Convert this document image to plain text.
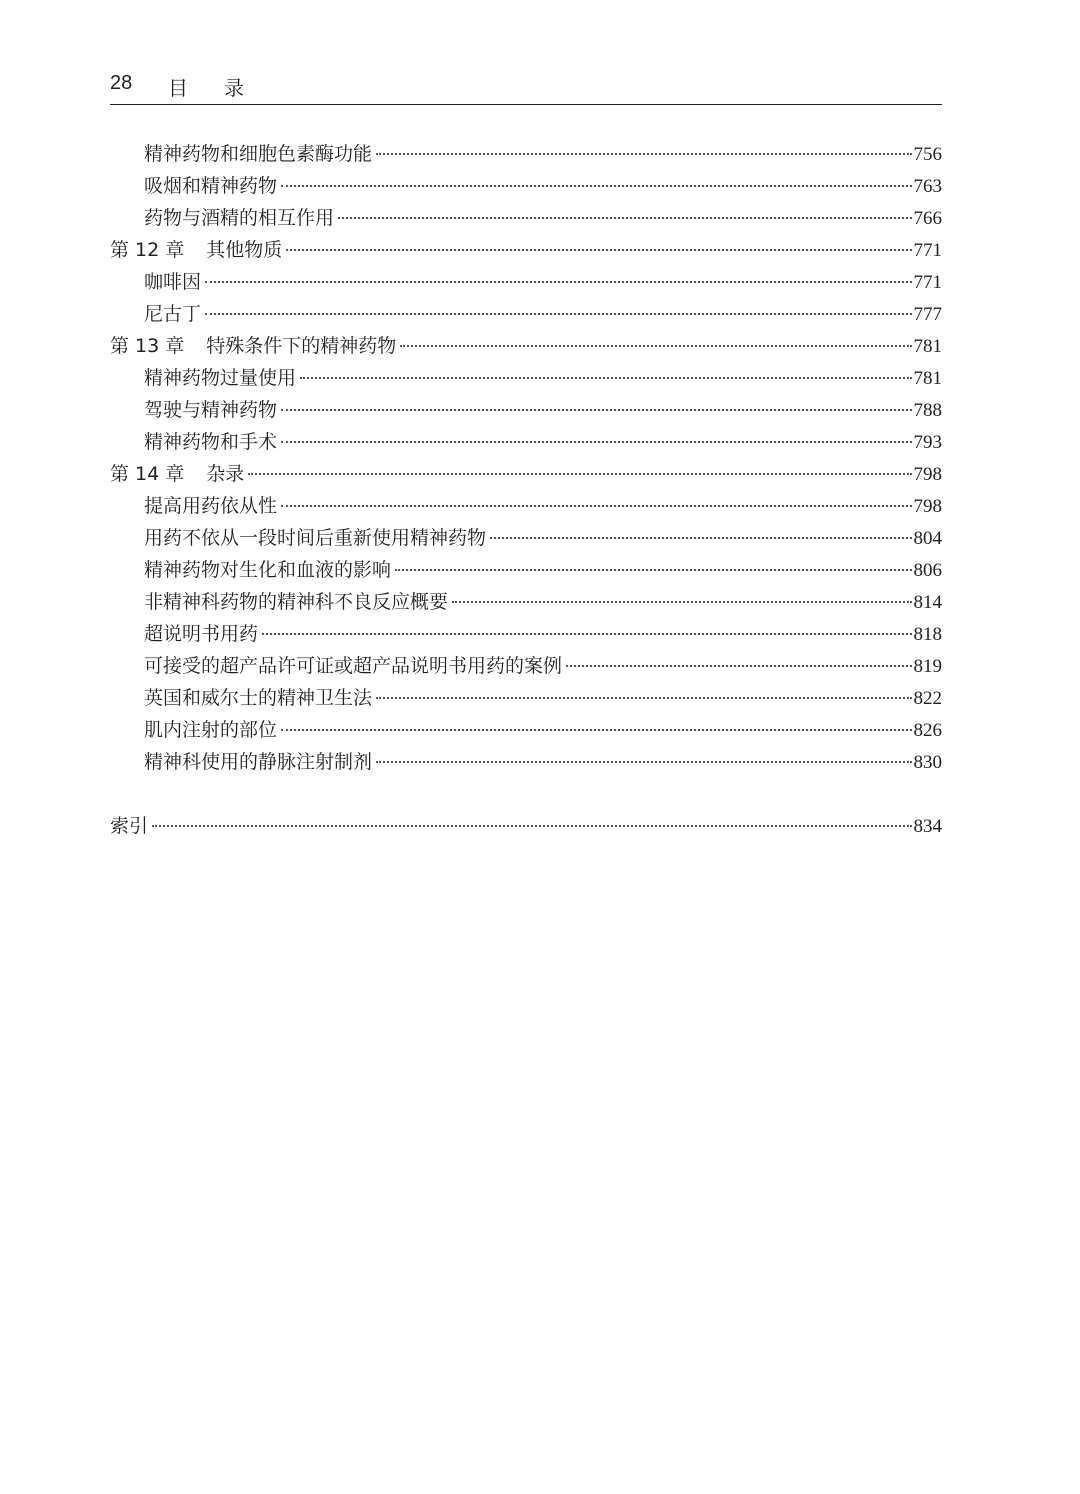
28 目录
精神药物和细胞色素酶功能	756
吸烟和精神药物	763
药物与酒精的相互作用	766
第 12 章 其他物质	771
咖啡因	771
尼古丁	777
第 13 章 特殊条件下的精神药物	781
精神药物过量使用	781
驾驶与精神药物	788
精神药物和手术	793
第 14 章 杂录	798
提高用药依从性	798
用药不依从一段时间后重新使用精神药物	804
精神药物对生化和血液的影响	806
非精神科药物的精神科不良反应概要	814
超说明书用药	818
可接受的超产品许可证或超产品说明书用药的案例	819
英国和威尔士的精神卫生法	822
肌内注射的部位	826
精神科使用的静脉注射制剂	830
索引	834
